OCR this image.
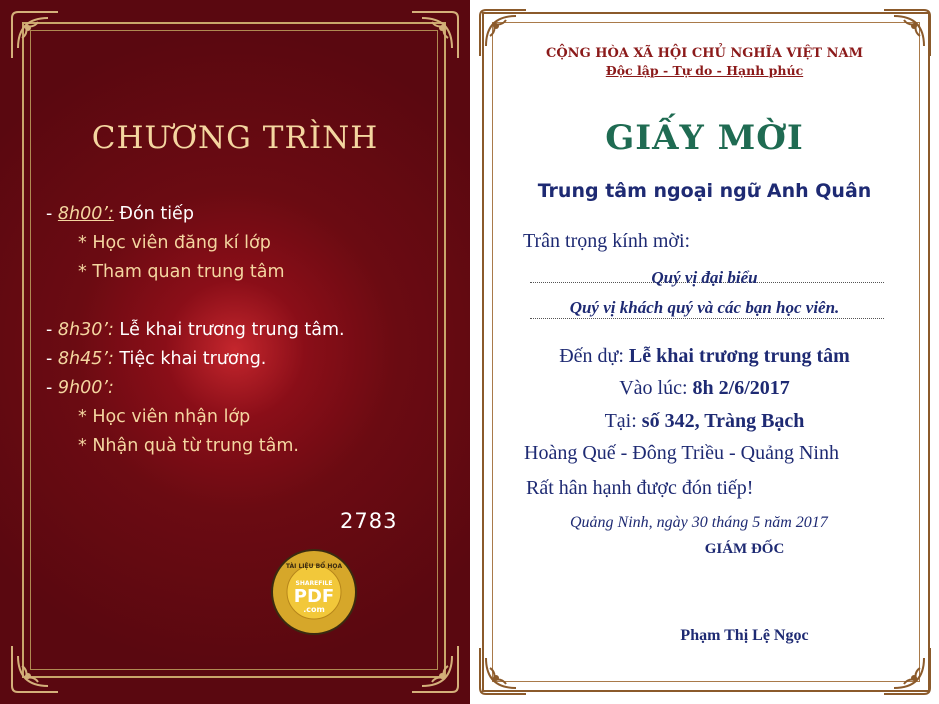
CHƯƠNG TRÌNH
- 8h00’: Đón tiếp
* Học viên đăng kí lớp
* Tham quan trung tâm
- 8h30’: Lễ khai trương trung tâm.
- 8h45’: Tiệc khai trương.
- 9h00’:
* Học viên nhận lớp
* Nhận quà từ trung tâm.
2783
TÀI LIỆU BỔ HỌA
SHAREFILE
PDF
.com
CỘNG HÒA XÃ HỘI CHỦ NGHĨA VIỆT NAM
Độc lập - Tự do - Hạnh phúc
GIẤY MỜI
Trung tâm ngoại ngữ Anh Quân
Trân trọng kính mời:
Quý vị đại biểu
Quý vị khách quý và các bạn học viên.
Đến dự: Lễ khai trương trung tâm
Vào lúc: 8h 2/6/2017
Tại: số 342, Tràng Bạch
Hoàng Quế - Đông Triều - Quảng Ninh
Rất hân hạnh được đón tiếp!
Quảng Ninh, ngày 30 tháng 5 năm 2017
GIÁM ĐỐC
Phạm Thị Lệ Ngọc
